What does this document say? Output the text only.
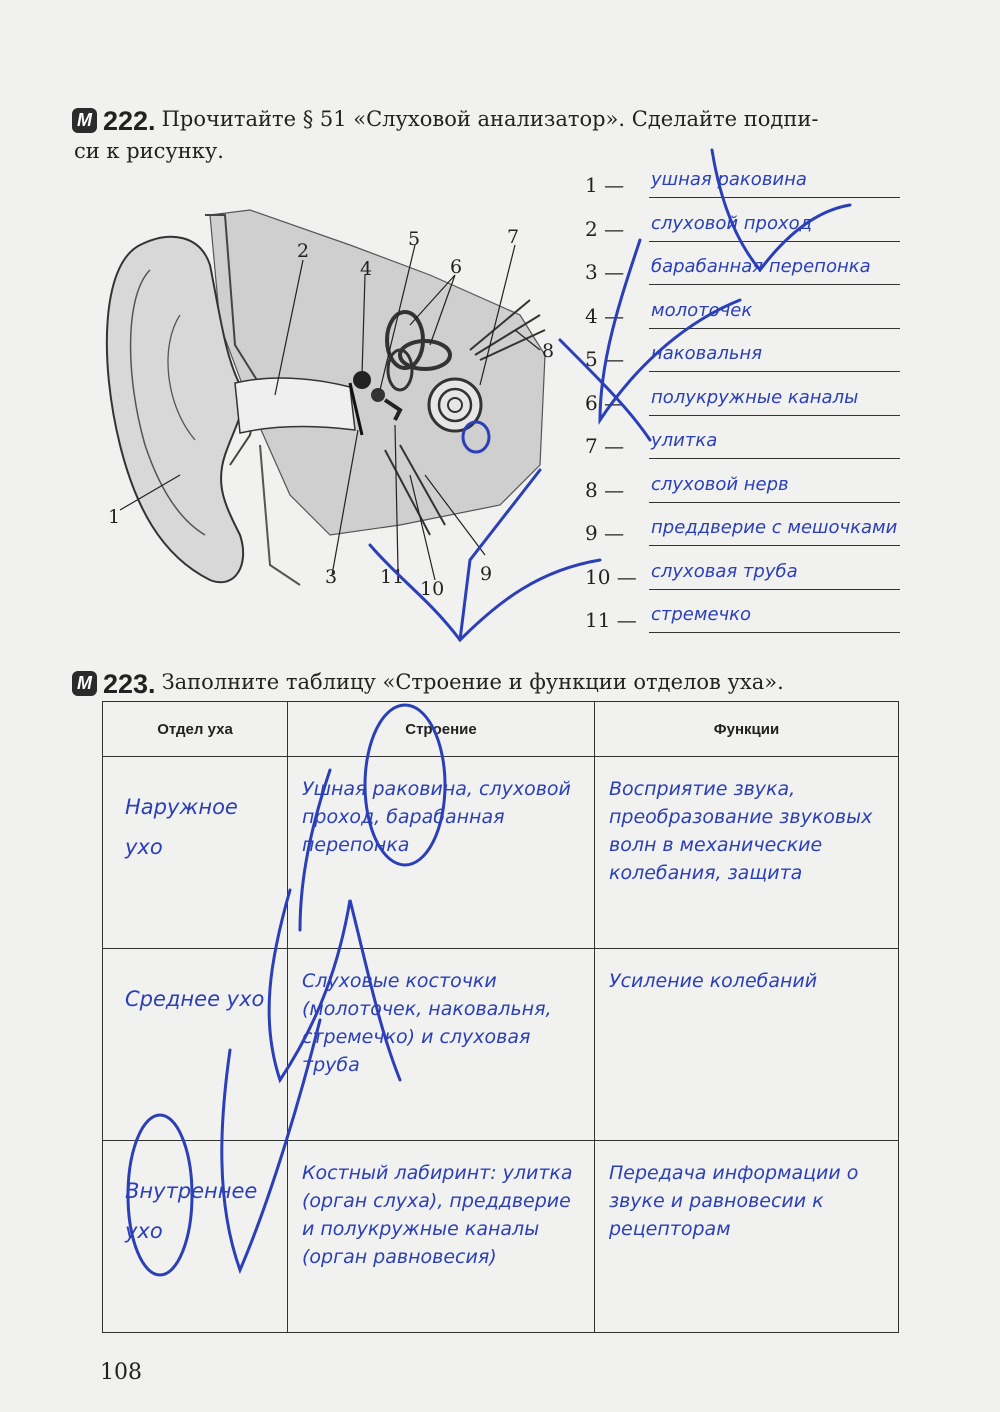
М 222. Прочитайте § 51 «Слуховой анализатор». Сделайте подпи-
си к рисунку.
1
2
3
4
5
6
7
8
9
10
11
1 —	ушная раковина
2 —	слуховой проход
3 —	барабанная перепонка
4 —	молоточек
5 —	наковальня
6 —	полукружные каналы
7 —	улитка
8 —	слуховой нерв
9 —	преддверие с мешочками
10 — слуховая труба
11 — стремечко
М 223. Заполните таблицу «Строение и функции отделов уха».
Отдел уха	Строение	Функции
Наружное ухо	Ушная раковина, слуховой проход, барабанная перепонка	Восприятие звука, преобразование звуковых волн в механические колебания, защита
Среднее ухо	Слуховые косточки (молоточек, наковальня, стремечко) и слуховая труба	Усиление колебаний
Внутреннее ухо	Костный лабиринт: улитка (орган слуха), преддверие и полукружные каналы (орган равновесия)	Передача информации о звуке и равновесии к рецепторам
108
